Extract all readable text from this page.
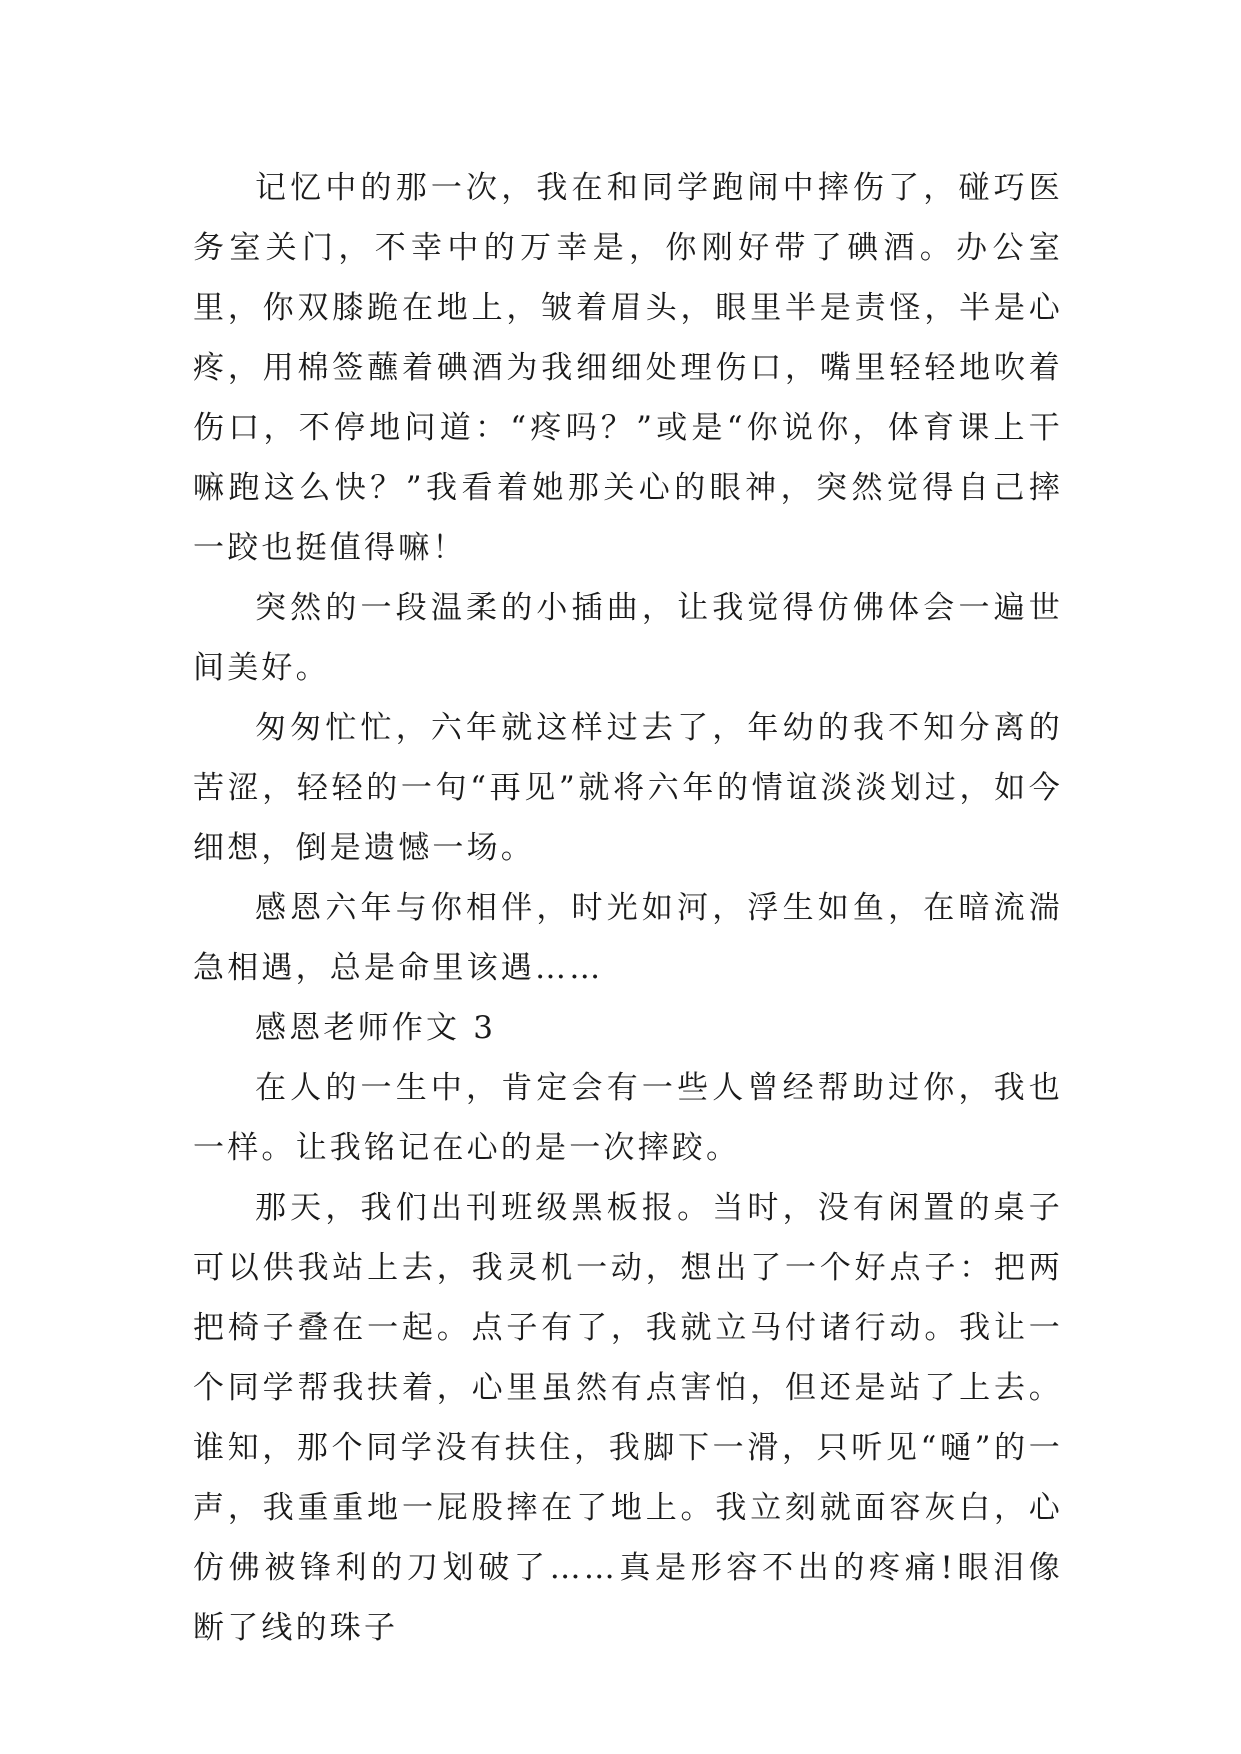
记忆中的那一次，我在和同学跑闹中摔伤了，碰巧医务室关门，不幸中的万幸是，你刚好带了碘酒。办公室里，你双膝跪在地上，皱着眉头，眼里半是责怪，半是心疼，用棉签蘸着碘酒为我细细处理伤口，嘴里轻轻地吹着伤口，不停地问道：“疼吗？”或是“你说你，体育课上干嘛跑这么快？”我看着她那关心的眼神，突然觉得自己摔一跤也挺值得嘛！

突然的一段温柔的小插曲，让我觉得仿佛体会一遍世间美好。

匆匆忙忙，六年就这样过去了，年幼的我不知分离的苦涩，轻轻的一句“再见”就将六年的情谊淡淡划过，如今细想，倒是遗憾一场。

感恩六年与你相伴，时光如河，浮生如鱼，在暗流湍急相遇，总是命里该遇……

感恩老师作文 3

在人的一生中，肯定会有一些人曾经帮助过你，我也一样。让我铭记在心的是一次摔跤。

那天，我们出刊班级黑板报。当时，没有闲置的桌子可以供我站上去，我灵机一动，想出了一个好点子：把两把椅子叠在一起。点子有了，我就立马付诸行动。我让一个同学帮我扶着，心里虽然有点害怕，但还是站了上去。谁知，那个同学没有扶住，我脚下一滑，只听见“嗵”的一声，我重重地一屁股摔在了地上。我立刻就面容灰白，心仿佛被锋利的刀划破了……真是形容不出的疼痛!眼泪像断了线的珠子
